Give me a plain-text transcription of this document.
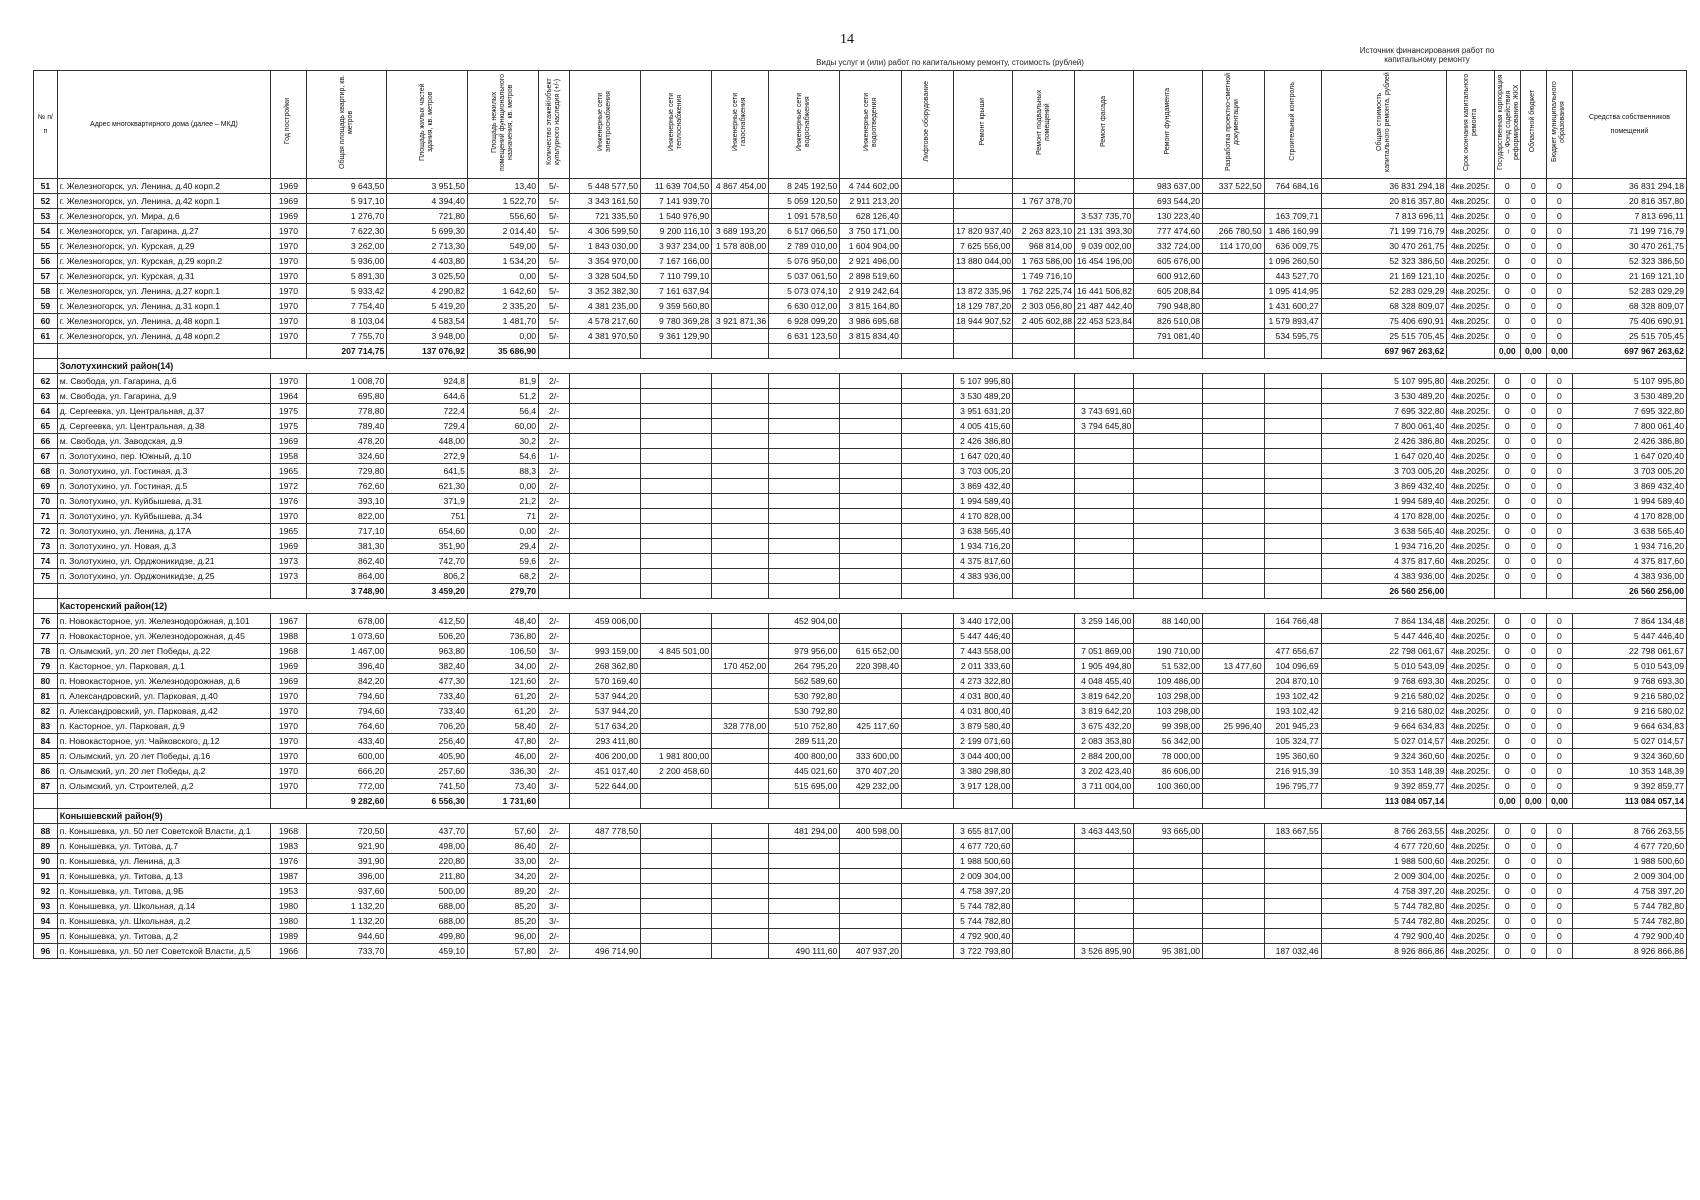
14
Виды услуг и (или) работ по капитальному ремонту, стоимость (рублей)
Источник финансирования работ по капитальному ремонту
№ п/п	Адрес многоквартирного дома (далее – МКД)	Год постройки	Общая площадь квартир, кв. метров	Площадь жилых частей здания, кв. метров	Площадь нежилых помещений функционального назначения, кв. метров	Количество этажей/объект культурного наследия (+/-)	Инженерные сети электроснабжения	Инженерные сети теплоснабжения	Инженерные сети газоснабжения	Инженерные сети водоснабжения	Инженерные сети водоотведения	Лифтовое оборудование	Ремонт крыши	Ремонт подвальных помещений	Ремонт фасада	Ремонт фундамента	Разработка проектно-сметной документации	Строительный контроль	Общая стоимость капитального ремонта, рублей	Срок окончания капитального ремонта	Государственная корпорация – Фонд содействия реформированию ЖКХ	Областной бюджет	Бюджет муниципального образования	Средства собственников помещений
51	г. Железногорск, ул. Ленина, д.40 корп.2	1969	9 643,50	3 951,50	13,40	5/-	5 448 577,50	11 639 704,50	4 867 454,00	8 245 192,50	4 744 602,00					983 637,00	337 522,50	764 684,16	36 831 294,18	4кв.2025г.	0	0	0	36 831 294,18
52	г. Железногорск, ул. Ленина, д.42 корп.1	1969	5 917,10	4 394,40	1 522,70	5/-	3 343 161,50	7 141 939,70		5 059 120,50	2 911 213,20			1 767 378,70		693 544,20			20 816 357,80	4кв.2025г.	0	0	0	20 816 357,80
53	г. Железногорск, ул. Мира, д.6	1969	1 276,70	721,80	556,60	5/-	721 335,50	1 540 976,90		1 091 578,50	628 126,40				3 537 735,70	130 223,40		163 709,71	7 813 696,11	4кв.2025г.	0	0	0	7 813 696,11
54	г. Железногорск, ул. Гагарина, д.27	1970	7 622,30	5 699,30	2 014,40	5/-	4 306 599,50	9 200 116,10	3 689 193,20	6 517 066,50	3 750 171,00		17 820 937,40	2 263 823,10	21 131 393,30	777 474,60	266 780,50	1 486 160,99	71 199 716,79	4кв.2025г.	0	0	0	71 199 716,79
55	г. Железногорск, ул. Курская, д.29	1970	3 262,00	2 713,30	549,00	5/-	1 843 030,00	3 937 234,00	1 578 808,00	2 789 010,00	1 604 904,00		7 625 556,00	968 814,00	9 039 002,00	332 724,00	114 170,00	636 009,75	30 470 261,75	4кв.2025г.	0	0	0	30 470 261,75
56	г. Железногорск, ул. Курская, д.29 корп.2	1970	5 936,00	4 403,80	1 534,20	5/-	3 354 970,00	7 167 166,00		5 076 950,00	2 921 496,00		13 880 044,00	1 763 586,00	16 454 196,00	605 676,00		1 096 260,50	52 323 386,50	4кв.2025г.	0	0	0	52 323 386,50
57	г. Железногорск, ул. Курская, д.31	1970	5 891,30	3 025,50	0,00	5/-	3 328 504,50	7 110 799,10		5 037 061,50	2 898 519,60			1 749 716,10		600 912,60		443 527,70	21 169 121,10	4кв.2025г.	0	0	0	21 169 121,10
58	г. Железногорск, ул. Ленина, д.27 корп.1	1970	5 933,42	4 290,82	1 642,60	5/-	3 352 382,30	7 161 637,94		5 073 074,10	2 919 242,64		13 872 335,96	1 762 225,74	16 441 506,82	605 208,84		1 095 414,95	52 283 029,29	4кв.2025г.	0	0	0	52 283 029,29
59	г. Железногорск, ул. Ленина, д.31 корп.1	1970	7 754,40	5 419,20	2 335,20	5/-	4 381 235,00	9 359 560,80		6 630 012,00	3 815 164,80		18 129 787,20	2 303 056,80	21 487 442,40	790 948,80		1 431 600,27	68 328 809,07	4кв.2025г.	0	0	0	68 328 809,07
60	г. Железногорск, ул. Ленина, д.48 корп.1	1970	8 103,04	4 583,54	1 481,70	5/-	4 578 217,60	9 780 369,28	3 921 871,36	6 928 099,20	3 986 695,68		18 944 907,52	2 405 602,88	22 453 523,84	826 510,08		1 579 893,47	75 406 690,91	4кв.2025г.	0	0	0	75 406 690,91
61	г. Железногорск, ул. Ленина, д.48 корп.2	1970	7 755,70	3 948,00	0,00	5/-	4 381 970,50	9 361 129,90		6 631 123,50	3 815 834,40					791 081,40		534 595,75	25 515 705,45	4кв.2025г.	0	0	0	25 515 705,45
			207 714,75	137 076,92	35 686,90														697 967 263,62		0,00	0,00	0,00	697 967 263,62
	Золотухинский район(14)																							
62	м. Свобода, ул. Гагарина, д.6	1970	1 008,70	924,8	81,9	2/-							5 107 995,80						5 107 995,80	4кв.2025г.	0	0	0	5 107 995,80
63	м. Свобода, ул. Гагарина, д.9	1964	695,80	644,6	51,2	2/-							3 530 489,20						3 530 489,20	4кв.2025г.	0	0	0	3 530 489,20
64	д. Сергеевка, ул. Центральная, д.37	1975	778,80	722,4	56,4	2/-							3 951 631,20		3 743 691,60				7 695 322,80	4кв.2025г.	0	0	0	7 695 322,80
65	д. Сергеевка, ул. Центральная, д.38	1975	789,40	729,4	60,00	2/-							4 005 415,60		3 794 645,80				7 800 061,40	4кв.2025г.	0	0	0	7 800 061,40
66	м. Свобода, ул. Заводская, д.9	1969	478,20	448,00	30,2	2/-							2 426 386,80						2 426 386,80	4кв.2025г.	0	0	0	2 426 386,80
67	п. Золотухино, пер. Южный, д.10	1958	324,60	272,9	54,6	1/-							1 647 020,40						1 647 020,40	4кв.2025г.	0	0	0	1 647 020,40
68	п. Золотухино, ул. Гостиная, д.3	1965	729,80	641,5	88,3	2/-							3 703 005,20						3 703 005,20	4кв.2025г.	0	0	0	3 703 005,20
69	п. Золотухино, ул. Гостиная, д.5	1972	762,60	621,30	0,00	2/-							3 869 432,40						3 869 432,40	4кв.2025г.	0	0	0	3 869 432,40
70	п. Золотухино, ул. Куйбышева, д.31	1976	393,10	371,9	21,2	2/-							1 994 589,40						1 994 589,40	4кв.2025г.	0	0	0	1 994 589,40
71	п. Золотухино, ул. Куйбышева, д.34	1970	822,00	751	71	2/-							4 170 828,00						4 170 828,00	4кв.2025г.	0	0	0	4 170 828,00
72	п. Золотухино, ул. Ленина, д.17А	1965	717,10	654,60	0,00	2/-							3 638 565,40						3 638 565,40	4кв.2025г.	0	0	0	3 638 565,40
73	п. Золотухино, ул. Новая, д.3	1969	381,30	351,90	29,4	2/-							1 934 716,20						1 934 716,20	4кв.2025г.	0	0	0	1 934 716,20
74	п. Золотухино, ул. Орджоникидзе, д.21	1973	862,40	742,70	59,6	2/-							4 375 817,60						4 375 817,60	4кв.2025г.	0	0	0	4 375 817,60
75	п. Золотухино, ул. Орджоникидзе, д.25	1973	864,00	806,2	68,2	2/-							4 383 936,00						4 383 936,00	4кв.2025г.	0	0	0	4 383 936,00
			3 748,90	3 459,20	279,70														26 560 256,00					26 560 256,00
	Касторенский район(12)																							
76	п. Новокасторное, ул. Железнодорожная, д.101	1967	678,00	412,50	48,40	2/-	459 006,00			452 904,00			3 440 172,00		3 259 146,00	88 140,00		164 766,48	7 864 134,48	4кв.2025г.	0	0	0	7 864 134,48
77	п. Новокасторное, ул. Железнодорожная, д.45	1988	1 073,60	506,20	736,80	2/-							5 447 446,40						5 447 446,40	4кв.2025г.	0	0	0	5 447 446,40
78	п. Олымский, ул. 20 лет Победы, д.22	1968	1 467,00	963,80	106,50	3/-	993 159,00	4 845 501,00		979 956,00	615 652,00		7 443 558,00		7 051 869,00	190 710,00		477 656,67	22 798 061,67	4кв.2025г.	0	0	0	22 798 061,67
79	п. Касторное, ул. Парковая, д.1	1969	396,40	382,40	34,00	2/-	268 362,80		170 452,00	264 795,20	220 398,40		2 011 333,60		1 905 494,80	51 532,00	13 477,60	104 096,69	5 010 543,09	4кв.2025г.	0	0	0	5 010 543,09
80	п. Новокасторное, ул. Железнодорожная, д.6	1969	842,20	477,30	121,60	2/-	570 169,40			562 589,60			4 273 322,80		4 048 455,40	109 486,00		204 870,10	9 768 693,30	4кв.2025г.	0	0	0	9 768 693,30
81	п. Александровский, ул. Парковая, д.40	1970	794,60	733,40	61,20	2/-	537 944,20			530 792,80			4 031 800,40		3 819 642,20	103 298,00		193 102,42	9 216 580,02	4кв.2025г.	0	0	0	9 216 580,02
82	п. Александровский, ул. Парковая, д.42	1970	794,60	733,40	61,20	2/-	537 944,20			530 792,80			4 031 800,40		3 819 642,20	103 298,00		193 102,42	9 216 580,02	4кв.2025г.	0	0	0	9 216 580,02
83	п. Касторное, ул. Парковая, д.9	1970	764,60	706,20	58,40	2/-	517 634,20		328 778,00	510 752,80	425 117,60		3 879 580,40		3 675 432,20	99 398,00	25 996,40	201 945,23	9 664 634,83	4кв.2025г.	0	0	0	9 664 634,83
84	п. Новокасторное, ул. Чайковского, д.12	1970	433,40	256,40	47,80	2/-	293 411,80			289 511,20			2 199 071,60		2 083 353,80	56 342,00		105 324,77	5 027 014,57	4кв.2025г.	0	0	0	5 027 014,57
85	п. Олымский, ул. 20 лет Победы, д.16	1970	600,00	405,90	46,00	2/-	406 200,00	1 981 800,00		400 800,00	333 600,00		3 044 400,00		2 884 200,00	78 000,00		195 360,60	9 324 360,60	4кв.2025г.	0	0	0	9 324 360,60
86	п. Олымский, ул. 20 лет Победы, д.2	1970	666,20	257,60	336,30	2/-	451 017,40	2 200 458,60		445 021,60	370 407,20		3 380 298,80		3 202 423,40	86 606,00		216 915,39	10 353 148,39	4кв.2025г.	0	0	0	10 353 148,39
87	п. Олымский, ул. Строителей, д.2	1970	772,00	741,50	73,40	3/-	522 644,00			515 695,00	429 232,00		3 917 128,00		3 711 004,00	100 360,00		196 795,77	9 392 859,77	4кв.2025г.	0	0	0	9 392 859,77
			9 282,60	6 556,30	1 731,60														113 084 057,14		0,00	0,00	0,00	113 084 057,14
	Конышевский район(9)																							
88	п. Конышевка, ул. 50 лет Советской Власти, д.1	1968	720,50	437,70	57,60	2/-	487 778,50			481 294,00	400 598,00		3 655 817,00		3 463 443,50	93 665,00		183 667,55	8 766 263,55	4кв.2025г.	0	0	0	8 766 263,55
89	п. Конышевка, ул. Титова, д.7	1983	921,90	498,00	86,40	2/-							4 677 720,60						4 677 720,60	4кв.2025г.	0	0	0	4 677 720,60
90	п. Конышевка, ул. Ленина, д.3	1976	391,90	220,80	33,00	2/-							1 988 500,60						1 988 500,60	4кв.2025г.	0	0	0	1 988 500,60
91	п. Конышевка, ул. Титова, д.13	1987	396,00	211,80	34,20	2/-							2 009 304,00						2 009 304,00	4кв.2025г.	0	0	0	2 009 304,00
92	п. Конышевка, ул. Титова, д.9Б	1953	937,60	500,00	89,20	2/-							4 758 397,20						4 758 397,20	4кв.2025г.	0	0	0	4 758 397,20
93	п. Конышевка, ул. Школьная, д.14	1980	1 132,20	688,00	85,20	3/-							5 744 782,80						5 744 782,80	4кв.2025г.	0	0	0	5 744 782,80
94	п. Конышевка, ул. Школьная, д.2	1980	1 132,20	688,00	85,20	3/-							5 744 782,80						5 744 782,80	4кв.2025г.	0	0	0	5 744 782,80
95	п. Конышевка, ул. Титова, д.2	1989	944,60	499,80	96,00	2/-							4 792 900,40						4 792 900,40	4кв.2025г.	0	0	0	4 792 900,40
96	п. Конышевка, ул. 50 лет Советской Власти, д.5	1966	733,70	459,10	57,80	2/-	496 714,90			490 111,60	407 937,20		3 722 793,80		3 526 895,90	95 381,00		187 032,46	8 926 866,86	4кв.2025г.	0	0	0	8 926 866,86
